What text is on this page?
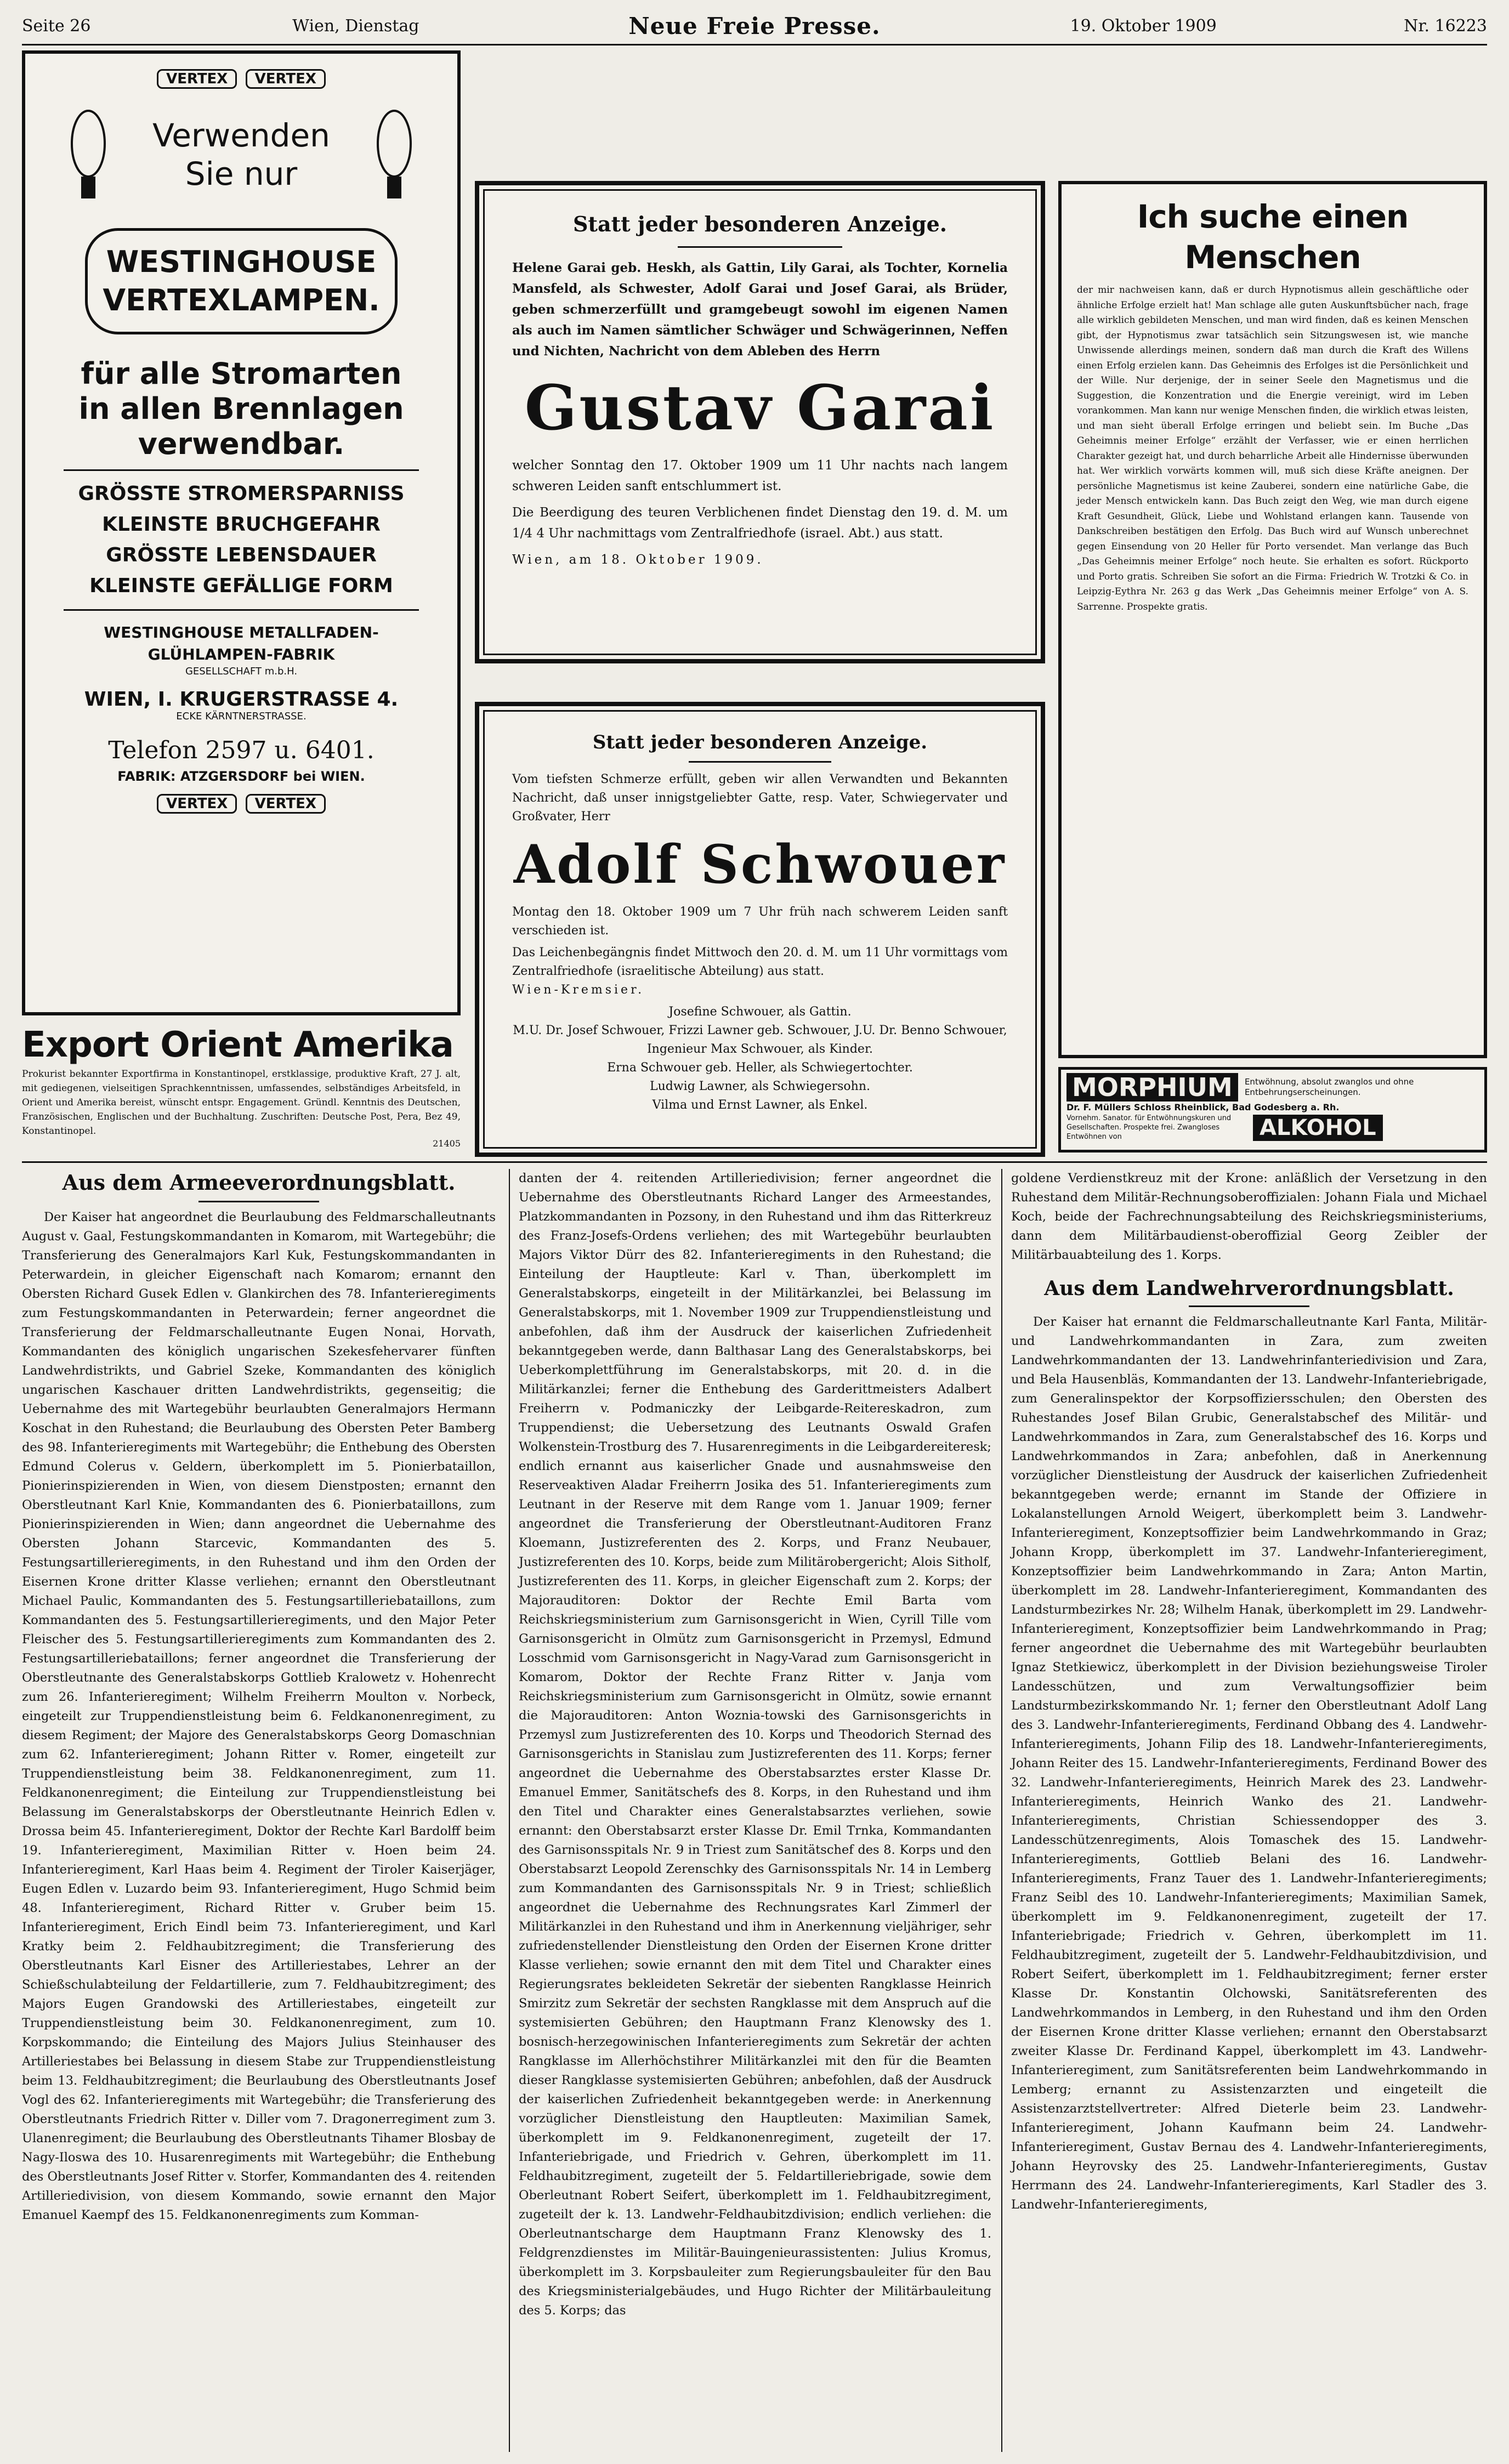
Seite 26	Wien, Dienstag	Neue Freie Presse.	19. Oktober 1909	Nr. 16223
VERTEX VERTEX
Verwenden Sie nur
WESTINGHOUSE
VERTEXLAMPEN.
für alle Stromarten in allen Brennlagen verwendbar.
GRÖSSTE STROMERSPARNISS
KLEINSTE BRUCHGEFAHR
GRÖSSTE LEBENSDAUER
KLEINSTE GEFÄLLIGE FORM
WESTINGHOUSE METALLFADEN-GLÜHLAMPEN-FABRIK
GESELLSCHAFT m.b.H.
WIEN, I. KRUGERSTRASSE 4.
ECKE KÄRNTNERSTRASSE.
Telefon 2597 u. 6401.
FABRIK: ATZGERSDORF bei WIEN.
VERTEX VERTEX
Export Orient Amerika
Prokurist bekannter Exportfirma in Konstantinopel, erstklassige, produktive Kraft, 27 J. alt, mit gediegenen, vielseitigen Sprachkenntnissen, umfassendes, selbständiges Arbeitsfeld, in Orient und Amerika bereist, wünscht entspr. Engagement. Gründl. Kenntnis des Deutschen, Französischen, Englischen und der Buchhaltung. Zuschriften: Deutsche Post, Pera, Bez 49, Konstantinopel.
21405
Statt jeder besonderen Anzeige.
Helene Garai geb. Heskh, als Gattin, Lily Garai, als Tochter, Kornelia Mansfeld, als Schwester, Adolf Garai und Josef Garai, als Brüder, geben schmerzerfüllt und gramgebeugt sowohl im eigenen Namen als auch im Namen sämtlicher Schwäger und Schwägerinnen, Neffen und Nichten, Nachricht von dem Ableben des Herrn
Gustav Garai
welcher Sonntag den 17. Oktober 1909 um 11 Uhr nachts nach langem schweren Leiden sanft entschlummert ist.
Die Beerdigung des teuren Verblichenen findet Dienstag den 19. d. M. um 1/4 4 Uhr nachmittags vom Zentralfriedhofe (israel. Abt.) aus statt.
Wien, am 18. Oktober 1909.
Statt jeder besonderen Anzeige.
Vom tiefsten Schmerze erfüllt, geben wir allen Verwandten und Bekannten Nachricht, daß unser innigstgeliebter Gatte, resp. Vater, Schwiegervater und Großvater, Herr
Adolf Schwouer
Montag den 18. Oktober 1909 um 7 Uhr früh nach schwerem Leiden sanft verschieden ist.
Das Leichenbegängnis findet Mittwoch den 20. d. M. um 11 Uhr vormittags vom Zentralfriedhofe (israelitische Abteilung) aus statt.
Wien-Kremsier.
Josefine Schwouer, als Gattin.
M.U. Dr. Josef Schwouer, Frizzi Lawner geb. Schwouer, J.U. Dr. Benno Schwouer, Ingenieur Max Schwouer, als Kinder.
Erna Schwouer geb. Heller, als Schwiegertochter.
Ludwig Lawner, als Schwiegersohn.
Vilma und Ernst Lawner, als Enkel.
Ich suche einen Menschen
der mir nachweisen kann, daß er durch Hypnotismus allein geschäftliche oder ähnliche Erfolge erzielt hat! Man schlage alle guten Auskunftsbücher nach, frage alle wirklich gebildeten Menschen, und man wird finden, daß es keinen Menschen gibt, der Hypnotismus zwar tatsächlich sein Sitzungswesen ist, wie manche Unwissende allerdings meinen, sondern daß man durch die Kraft des Willens einen Erfolg erzielen kann. Das Geheimnis des Erfolges ist die Persönlichkeit und der Wille. Nur derjenige, der in seiner Seele den Magnetismus und die Suggestion, die Konzentration und die Energie vereinigt, wird im Leben vorankommen. Man kann nur wenige Menschen finden, die wirklich etwas leisten, und man sieht überall Erfolge erringen und beliebt sein. Im Buche „Das Geheimnis meiner Erfolge“ erzählt der Verfasser, wie er einen herrlichen Charakter gezeigt hat, und durch beharrliche Arbeit alle Hindernisse überwunden hat. Wer wirklich vorwärts kommen will, muß sich diese Kräfte aneignen. Der persönliche Magnetismus ist keine Zauberei, sondern eine natürliche Gabe, die jeder Mensch entwickeln kann. Das Buch zeigt den Weg, wie man durch eigene Kraft Gesundheit, Glück, Liebe und Wohlstand erlangen kann. Tausende von Dankschreiben bestätigen den Erfolg. Das Buch wird auf Wunsch unberechnet gegen Einsendung von 20 Heller für Porto versendet. Man verlange das Buch „Das Geheimnis meiner Erfolge“ noch heute. Sie erhalten es sofort. Rückporto und Porto gratis. Schreiben Sie sofort an die Firma: Friedrich W. Trotzki & Co. in Leipzig-Eythra Nr. 263 g das Werk „Das Geheimnis meiner Erfolge“ von A. S. Sarrenne. Prospekte gratis.
MORPHIUM	Entwöhnung, absolut zwanglos und ohne Entbehrungserscheinungen.
Dr. F. Müllers Schloss Rheinblick, Bad Godesberg a. Rh.
Vornehm. Sanator. für Entwöhnungskuren und Gesellschaften. Prospekte frei. Zwangloses Entwöhnen von	ALKOHOL
Aus dem Armeeverordnungsblatt.

Der Kaiser hat angeordnet die Beurlaubung des Feldmarschalleutnants August v. Gaal, Festungskommandanten in Komarom, mit Wartegebühr; die Transferierung des Generalmajors Karl Kuk, Festungskommandanten in Peterwardein, in gleicher Eigenschaft nach Komarom; ernannt den Obersten Richard Gusek Edlen v. Glankirchen des 78. Infanterieregiments zum Festungskommandanten in Peterwardein; ferner angeordnet die Transferierung der Feldmarschalleutnante Eugen Nonai, Horvath, Kommandanten des königlich ungarischen Szekesfehervarer fünften Landwehrdistrikts, und Gabriel Szeke, Kommandanten des königlich ungarischen Kaschauer dritten Landwehrdistrikts, gegenseitig; die Uebernahme des mit Wartegebühr beurlaubten Generalmajors Hermann Koschat in den Ruhestand; die Beurlaubung des Obersten Peter Bamberg des 98. Infanterieregiments mit Wartegebühr; die Enthebung des Obersten Edmund Colerus v. Geldern, überkomplett im 5. Pionierbataillon, Pionierinspizierenden in Wien, von diesem Dienstposten; ernannt den Oberstleutnant Karl Knie, Kommandanten des 6. Pionierbataillons, zum Pionierinspizierenden in Wien; dann angeordnet die Uebernahme des Obersten Johann Starcevic, Kommandanten des 5. Festungsartillerieregiments, in den Ruhestand und ihm den Orden der Eisernen Krone dritter Klasse verliehen; ernannt den Oberstleutnant Michael Paulic, Kommandanten des 5. Festungsartilleriebataillons, zum Kommandanten des 5. Festungsartillerieregiments, und den Major Peter Fleischer des 5. Festungsartillerieregiments zum Kommandanten des 2. Festungsartilleriebataillons; ferner angeordnet die Transferierung der Oberstleutnante des Generalstabskorps Gottlieb Kralowetz v. Hohenrecht zum 26. Infanterieregiment; Wilhelm Freiherrn Moulton v. Norbeck, eingeteilt zur Truppendienstleistung beim 6. Feldkanonenregiment, zu diesem Regiment; der Majore des Generalstabskorps Georg Domaschnian zum 62. Infanterieregiment; Johann Ritter v. Romer, eingeteilt zur Truppendienstleistung beim 38. Feldkanonenregiment, zum 11. Feldkanonenregiment; die Einteilung zur Truppendienstleistung bei Belassung im Generalstabskorps der Oberstleutnante Heinrich Edlen v. Drossa beim 45. Infanterieregiment, Doktor der Rechte Karl Bardolff beim 19. Infanterieregiment, Maximilian Ritter v. Hoen beim 24. Infanterieregiment, Karl Haas beim 4. Regiment der Tiroler Kaiserjäger, Eugen Edlen v. Luzardo beim 93. Infanterieregiment, Hugo Schmid beim 48. Infanterieregiment, Richard Ritter v. Gruber beim 15. Infanterieregiment, Erich Eindl beim 73. Infanterieregiment, und Karl Kratky beim 2. Feldhaubitzregiment; die Transferierung des Oberstleutnants Karl Eisner des Artilleriestabes, Lehrer an der Schießschulabteilung der Feldartillerie, zum 7. Feldhaubitzregiment; des Majors Eugen Grandowski des Artilleriestabes, eingeteilt zur Truppendienstleistung beim 30. Feldkanonenregiment, zum 10. Korpskommando; die Einteilung des Majors Julius Steinhauser des Artilleriestabes bei Belassung in diesem Stabe zur Truppendienstleistung beim 13. Feldhaubitzregiment; die Beurlaubung des Oberstleutnants Josef Vogl des 62. Infanterieregiments mit Wartegebühr; die Transferierung des Oberstleutnants Friedrich Ritter v. Diller vom 7. Dragonerregiment zum 3. Ulanenregiment; die Beurlaubung des Oberstleutnants Tihamer Blosbay de Nagy-Iloswa des 10. Husarenregiments mit Wartegebühr; die Enthebung des Oberstleutnants Josef Ritter v. Storfer, Kommandanten des 4. reitenden Artilleriedivision, von diesem Kommando, sowie ernannt den Major Emanuel Kaempf des 15. Feldkanonenregiments zum Komman-

danten der 4. reitenden Artilleriedivision; ferner angeordnet die Uebernahme des Oberstleutnants Richard Langer des Armeestandes, Platzkommandanten in Pozsony, in den Ruhestand und ihm das Ritterkreuz des Franz-Josefs-Ordens verliehen; des mit Wartegebühr beurlaubten Majors Viktor Dürr des 82. Infanterieregiments in den Ruhestand; die Einteilung der Hauptleute: Karl v. Than, überkomplett im Generalstabskorps, eingeteilt in der Militärkanzlei, bei Belassung im Generalstabskorps, mit 1. November 1909 zur Truppendienstleistung und anbefohlen, daß ihm der Ausdruck der kaiserlichen Zufriedenheit bekanntgegeben werde, dann Balthasar Lang des Generalstabskorps, bei Ueberkomplettführung im Generalstabskorps, mit 20. d. in die Militärkanzlei; ferner die Enthebung des Garderittmeisters Adalbert Freiherrn v. Podmaniczky der Leibgarde-Reitereskadron, zum Truppendienst; die Uebersetzung des Leutnants Oswald Grafen Wolkenstein-Trostburg des 7. Husarenregiments in die Leibgardereiteresk; endlich ernannt aus kaiserlicher Gnade und ausnahmsweise den Reserveaktiven Aladar Freiherrn Josika des 51. Infanterieregiments zum Leutnant in der Reserve mit dem Range vom 1. Januar 1909; ferner angeordnet die Transferierung der Oberstleutnant-Auditoren Franz Kloemann, Justizreferenten des 2. Korps, und Franz Neubauer, Justizreferenten des 10. Korps, beide zum Militärobergericht; Alois Sitholf, Justizreferenten des 11. Korps, in gleicher Eigenschaft zum 2. Korps; der Majorauditoren: Doktor der Rechte Emil Barta vom Reichskriegsministerium zum Garnisonsgericht in Wien, Cyrill Tille vom Garnisonsgericht in Olmütz zum Garnisonsgericht in Przemysl, Edmund Losschmid vom Garnisonsgericht in Nagy-Varad zum Garnisonsgericht in Komarom, Doktor der Rechte Franz Ritter v. Janja vom Reichskriegsministerium zum Garnisonsgericht in Olmütz, sowie ernannt die Majorauditoren: Anton Woznia-towski des Garnisonsgerichts in Przemysl zum Justizreferenten des 10. Korps und Theodorich Sternad des Garnisonsgerichts in Stanislau zum Justizreferenten des 11. Korps; ferner angeordnet die Uebernahme des Oberstabsarztes erster Klasse Dr. Emanuel Emmer, Sanitätschefs des 8. Korps, in den Ruhestand und ihm den Titel und Charakter eines Generalstabsarztes verliehen, sowie ernannt: den Oberstabsarzt erster Klasse Dr. Emil Trnka, Kommandanten des Garnisonsspitals Nr. 9 in Triest zum Sanitätschef des 8. Korps und den Oberstabsarzt Leopold Zerenschky des Garnisonsspitals Nr. 14 in Lemberg zum Kommandanten des Garnisonsspitals Nr. 9 in Triest; schließlich angeordnet die Uebernahme des Rechnungsrates Karl Zimmerl der Militärkanzlei in den Ruhestand und ihm in Anerkennung vieljähriger, sehr zufriedenstellender Dienstleistung den Orden der Eisernen Krone dritter Klasse verliehen; sowie ernannt den mit dem Titel und Charakter eines Regierungsrates bekleideten Sekretär der siebenten Rangklasse Heinrich Smirzitz zum Sekretär der sechsten Rangklasse mit dem Anspruch auf die systemisierten Gebühren; den Hauptmann Franz Klenowsky des 1. bosnisch-herzegowinischen Infanterieregiments zum Sekretär der achten Rangklasse im Allerhöchstihrer Militärkanzlei mit den für die Beamten dieser Rangklasse systemisierten Gebühren; anbefohlen, daß der Ausdruck der kaiserlichen Zufriedenheit bekanntgegeben werde: in Anerkennung vorzüglicher Dienstleistung den Hauptleuten: Maximilian Samek, überkomplett im 9. Feldkanonenregiment, zugeteilt der 17. Infanteriebrigade, und Friedrich v. Gehren, überkomplett im 11. Feldhaubitzregiment, zugeteilt der 5. Feldartilleriebrigade, sowie dem Oberleutnant Robert Seifert, überkomplett im 1. Feldhaubitzregiment, zugeteilt der k. 13. Landwehr-Feldhaubitzdivision; endlich verliehen: die Oberleutnantscharge dem Hauptmann Franz Klenowsky des 1. Feldgrenzdienstes im Militär-Bauingenieurassistenten: Julius Kromus, überkomplett im 3. Korpsbauleiter zum Regierungsbauleiter für den Bau des Kriegsministerialgebäudes, und Hugo Richter der Militärbauleitung des 5. Korps; das

goldene Verdienstkreuz mit der Krone: anläßlich der Versetzung in den Ruhestand dem Militär-Rechnungsoberoffizialen: Johann Fiala und Michael Koch, beide der Fachrechnungsabteilung des Reichskriegsministeriums, dann dem Militärbaudienst-oberoffizial Georg Zeibler der Militärbauabteilung des 1. Korps.

Aus dem Landwehrverordnungsblatt.

Der Kaiser hat ernannt die Feldmarschalleutnante Karl Fanta, Militär- und Landwehrkommandanten in Zara, zum zweiten Landwehrkommandanten der 13. Landwehrinfanteriedivision und Zara, und Bela Hausenbläs, Kommandanten der 13. Landwehr-Infanteriebrigade, zum Generalinspektor der Korpsoffiziersschulen; den Obersten des Ruhestandes Josef Bilan Grubic, Generalstabschef des Militär- und Landwehrkommandos in Zara, zum Generalstabschef des 16. Korps und Landwehrkommandos in Zara; anbefohlen, daß in Anerkennung vorzüglicher Dienstleistung der Ausdruck der kaiserlichen Zufriedenheit bekanntgegeben werde; ernannt im Stande der Offiziere in Lokalanstellungen Arnold Weigert, überkomplett beim 3. Landwehr-Infanterieregiment, Konzeptsoffizier beim Landwehrkommando in Graz; Johann Kropp, überkomplett im 37. Landwehr-Infanterieregiment, Konzeptsoffizier beim Landwehrkommando in Zara; Anton Martin, überkomplett im 28. Landwehr-Infanterieregiment, Kommandanten des Landsturmbezirkes Nr. 28; Wilhelm Hanak, überkomplett im 29. Landwehr-Infanterieregiment, Konzeptsoffizier beim Landwehrkommando in Prag; ferner angeordnet die Uebernahme des mit Wartegebühr beurlaubten Ignaz Stetkiewicz, überkomplett in der Division beziehungsweise Tiroler Landesschützen, und zum Verwaltungsoffizier beim Landsturmbezirkskommando Nr. 1; ferner den Oberstleutnant Adolf Lang des 3. Landwehr-Infanterieregiments, Ferdinand Obbang des 4. Landwehr-Infanterieregiments, Johann Filip des 18. Landwehr-Infanterieregiments, Johann Reiter des 15. Landwehr-Infanterieregiments, Ferdinand Bower des 32. Landwehr-Infanterieregiments, Heinrich Marek des 23. Landwehr-Infanterieregiments, Heinrich Wanko des 21. Landwehr-Infanterieregiments, Christian Schiessendopper des 3. Landesschützenregiments, Alois Tomaschek des 15. Landwehr-Infanterieregiments, Gottlieb Belani des 16. Landwehr-Infanterieregiments, Franz Tauer des 1. Landwehr-Infanterieregiments; Franz Seibl des 10. Landwehr-Infanterieregiments; Maximilian Samek, überkomplett im 9. Feldkanonenregiment, zugeteilt der 17. Infanteriebrigade; Friedrich v. Gehren, überkomplett im 11. Feldhaubitzregiment, zugeteilt der 5. Landwehr-Feldhaubitzdivision, und Robert Seifert, überkomplett im 1. Feldhaubitzregiment; ferner erster Klasse Dr. Konstantin Olchowski, Sanitätsreferenten des Landwehrkommandos in Lemberg, in den Ruhestand und ihm den Orden der Eisernen Krone dritter Klasse verliehen; ernannt den Oberstabsarzt zweiter Klasse Dr. Ferdinand Kappel, überkomplett im 43. Landwehr-Infanterieregiment, zum Sanitätsreferenten beim Landwehrkommando in Lemberg; ernannt zu Assistenzarzten und eingeteilt die Assistenzarztstellvertreter: Alfred Dieterle beim 23. Landwehr-Infanterieregiment, Johann Kaufmann beim 24. Landwehr-Infanterieregiment, Gustav Bernau des 4. Landwehr-Infanterieregiments, Johann Heyrovsky des 25. Landwehr-Infanterieregiments, Gustav Herrmann des 24. Landwehr-Infanterieregiments, Karl Stadler des 3. Landwehr-Infanterieregiments,
